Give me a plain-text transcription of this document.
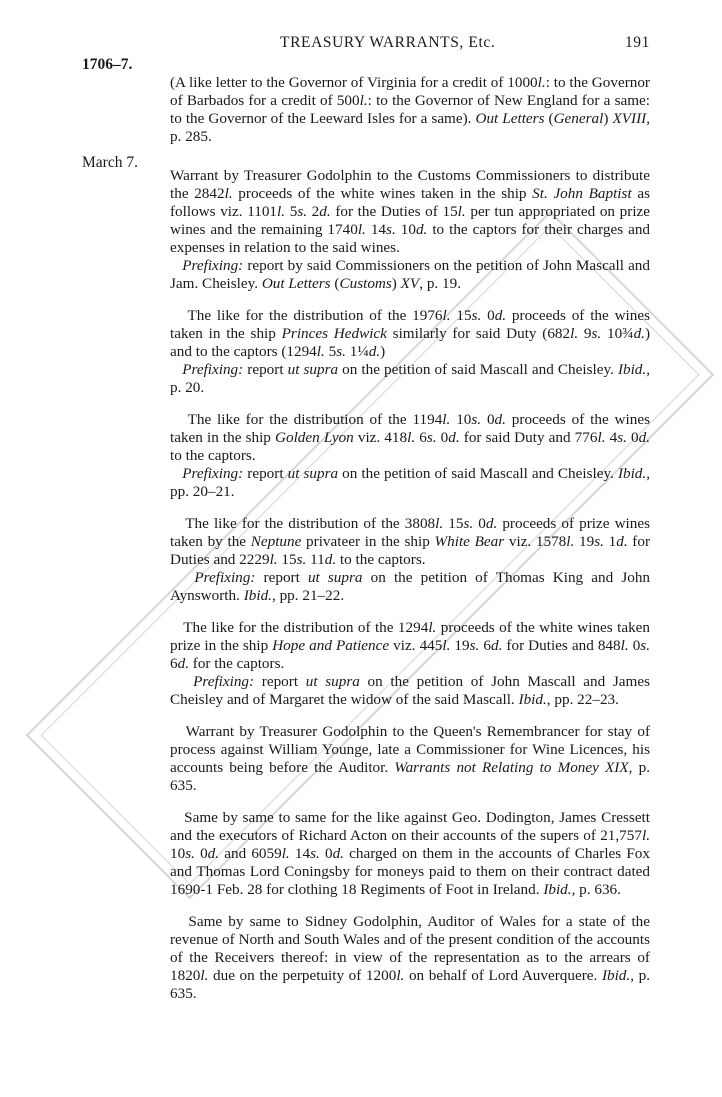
TREASURY WARRANTS, Etc.	191
1706–7.
March 7.

(A like letter to the Governor of Virginia for a credit of 1000l.: to the Governor of Barbados for a credit of 500l.: to the Governor of New England for a same: to the Governor of the Leeward Isles for a same). Out Letters (General) XVIII, p. 285.

Warrant by Treasurer Godolphin to the Customs Commissioners to distribute the 2842l. proceeds of the white wines taken in the ship St. John Baptist as follows viz. 1101l. 5s. 2d. for the Duties of 15l. per tun appropriated on prize wines and the remaining 1740l. 14s. 10d. to the captors for their charges and expenses in relation to the said wines.

Prefixing: report by said Commissioners on the petition of John Mascall and Jam. Cheisley. Out Letters (Customs) XV, p. 19.

The like for the distribution of the 1976l. 15s. 0d. proceeds of the wines taken in the ship Princes Hedwick similarly for said Duty (682l. 9s. 10¾d.) and to the captors (1294l. 5s. 1¼d.)

Prefixing: report ut supra on the petition of said Mascall and Cheisley. Ibid., p. 20.

The like for the distribution of the 1194l. 10s. 0d. proceeds of the wines taken in the ship Golden Lyon viz. 418l. 6s. 0d. for said Duty and 776l. 4s. 0d. to the captors.

Prefixing: report ut supra on the petition of said Mascall and Cheisley. Ibid., pp. 20–21.

The like for the distribution of the 3808l. 15s. 0d. proceeds of prize wines taken by the Neptune privateer in the ship White Bear viz. 1578l. 19s. 1d. for Duties and 2229l. 15s. 11d. to the captors.

Prefixing: report ut supra on the petition of Thomas King and John Aynsworth. Ibid., pp. 21–22.

The like for the distribution of the 1294l. proceeds of the white wines taken prize in the ship Hope and Patience viz. 445l. 19s. 6d. for Duties and 848l. 0s. 6d. for the captors.

Prefixing: report ut supra on the petition of John Mascall and James Cheisley and of Margaret the widow of the said Mascall. Ibid., pp. 22–23.

Warrant by Treasurer Godolphin to the Queen's Remembrancer for stay of process against William Younge, late a Commissioner for Wine Licences, his accounts being before the Auditor. Warrants not Relating to Money XIX, p. 635.

Same by same to same for the like against Geo. Dodington, James Cressett and the executors of Richard Acton on their accounts of the supers of 21,757l. 10s. 0d. and 6059l. 14s. 0d. charged on them in the accounts of Charles Fox and Thomas Lord Coningsby for moneys paid to them on their contract dated 1690-1 Feb. 28 for clothing 18 Regiments of Foot in Ireland. Ibid., p. 636.

Same by same to Sidney Godolphin, Auditor of Wales for a state of the revenue of North and South Wales and of the present condition of the accounts of the Receivers thereof: in view of the representation as to the arrears of 1820l. due on the perpetuity of 1200l. on behalf of Lord Auverquere. Ibid., p. 635.
